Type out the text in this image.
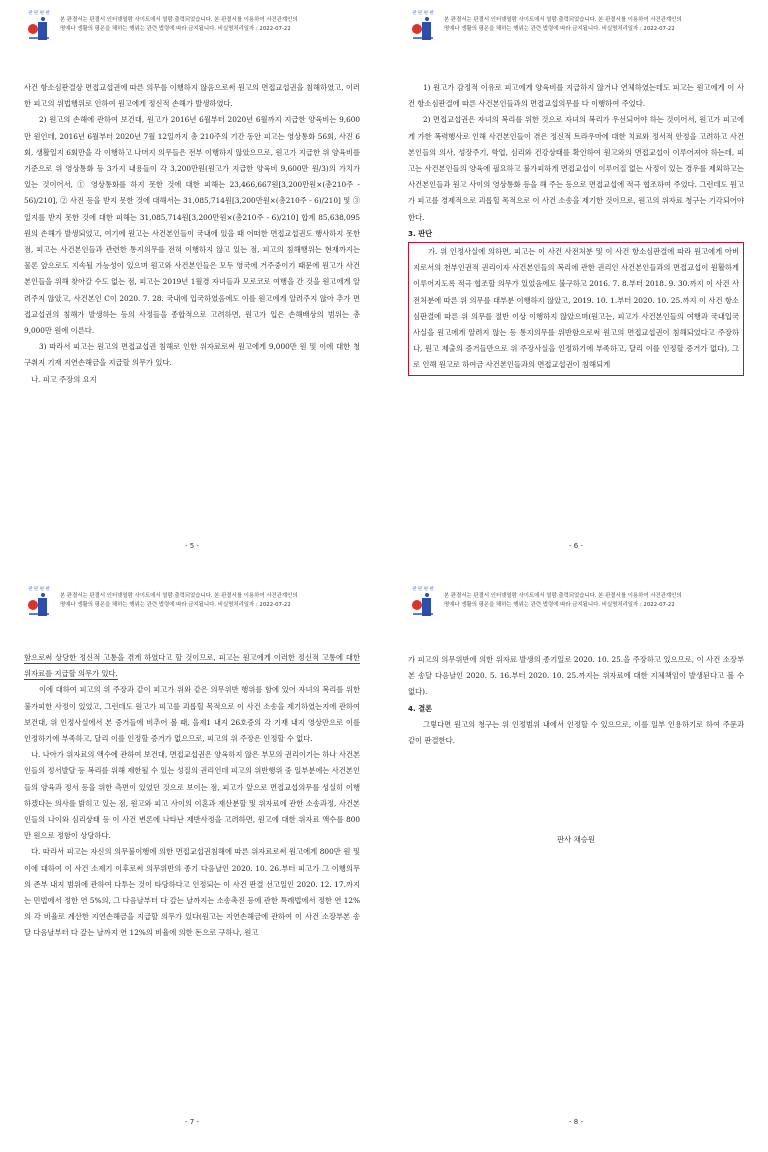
판 판 판 판
본 판결서는 판결서 인터넷열람 사이트에서 열람·출력되었습니다. 본 판결서를 이용하여 사건관계인의
명예나 생활의 평온을 해하는 행위는 관련 법령에 따라 금지됩니다. 비실명처리일자 : 2022-07-22

사건 항소심판결상 면접교섭권에 따른 의무를 이행하지 않음으로써 원고의 면접교섭권을 침해하였고, 이러한 피고의 위법행위로 인하여 원고에게 정신적 손해가 발생하였다.

2) 원고의 손해에 관하여 보건대, 원고가 2016년 6월부터 2020년 6월까지 지급한 양육비는 9,600만 원인데, 2016년 6월부터 2020년 7월 12일까지 총 210주의 기간 동안 피고는 영상통화 56회, 사진 6회, 생활일지 6회만을 각 이행하고 나머지 의무들은 전부 이행하지 않았으므로, 원고가 지급한 위 양육비를 기준으로 위 영상통화 등 3가지 내용들이 각 3,200만원(원고가 지급한 양육비 9,600만 원/3)의 가치가 있는 것이어서, ① 영상통화를 하지 못한 것에 대한 피해는 23,466,667원[3,200만원×(총210주 - 56)/210], ② 사진 등을 받지 못한 것에 대해서는 31,085,714원[3,200만원×(총210주 - 6)/210] 및 ③ 일지를 받지 못한 것에 대한 피해는 31,085,714원[3,200만원×(총210주 - 6)/210] 합계 85,638,095원의 손해가 발생되었고, 여기에 원고는 사건본인들이 국내에 있을 때 어떠한 면접교섭권도 행사하지 못한 점, 피고는 사건본인들과 관련한 통지의무를 전혀 이행하지 않고 있는 점, 피고의 침해행위는 현재까지는 물론 앞으로도 지속될 가능성이 있으며 원고와 사건본인들은 모두 영국에 거주중이기 때문에 원고가 사건본인들을 위해 찾아갈 수도 없는 점, 피고는 2019년 1월경 자녀들과 모로코로 여행을 간 것을 원고에게 알려주지 않았고, 사건본인 C이 2020. 7. 28. 국내에 입국하였음에도 이를 원고에게 알려주지 않아 추가 면접교섭권의 침해가 발생하는 등의 사정들을 종합적으로 고려하면, 원고가 입은 손해배상의 범위는 총 9,000만 원에 이른다.

3) 따라서 피고는 원고의 면접교섭권 침해로 인한 위자료로써 원고에게 9,000만 원 및 이에 대한 청구취지 기재 지연손해금을 지급할 의무가 있다.

나. 피고 주장의 요지

- 5 -
판 판 판 판
본 판결서는 판결서 인터넷열람 사이트에서 열람·출력되었습니다. 본 판결서를 이용하여 사건관계인의
명예나 생활의 평온을 해하는 행위는 관련 법령에 따라 금지됩니다. 비실명처리일자 : 2022-07-22

1) 원고가 감정적 이유로 피고에게 양육비를 지급하지 않거나 연체하였는데도 피고는 원고에게 이 사건 항소심판결에 따른 사건본인들과의 면접교섭의무를 다 이행하여 주었다.

2) 면접교섭권은 자녀의 복리를 위한 것으로 자녀의 복리가 우선되어야 하는 것이어서, 원고가 피고에게 가한 폭력행사로 인해 사건본인들이 겪은 정신적 트라우마에 대한 치료와 정서적 안정을 고려하고 사건본인들의 의사, 성장주기, 학업, 심리와 건강상태를 확인하여 원고와의 면접교섭이 이루어져야 하는데, 피고는 사건본인들의 양육에 필요하고 불가피하게 면접교섭이 이루어질 없는 사정이 있는 경우를 제외하고는 사건본인들과 원고 사이의 영상통화 등을 해 주는 등으로 면접교섭에 적극 협조하여 주었다. 그런데도 원고가 피고를 경제적으로 괴롭힐 목적으로 이 사건 소송을 제기한 것이므로, 원고의 위자료 청구는 기각되어야 한다.

3. 판단

가. 위 인정사실에 의하면, 피고는 이 사건 사전처분 및 이 사건 항소심판결에 따라 원고에게 아버지로서의 천부인권적 권리이자 사건본인들의 복리에 관한 권리인 사건본인들과의 면접교섭이 원활하게 이루어지도록 적극 협조할 의무가 있었음에도 불구하고 2016. 7. 8.부터 2018. 9. 30.까지 이 사건 사전처분에 따른 위 의무를 대부분 이행하지 않았고, 2019. 10. 1.부터 2020. 10. 25.까지 이 사건 항소심판결에 따른 위 의무를 절반 이상 이행하지 않았으며(원고는, 피고가 사건본인들의 여행과 국내입국 사실을 원고에게 알려지 않는 등 통지의무를 위반함으로써 원고의 면접교섭권이 침해되었다고 주장하나, 원고 제출의 증거들만으로 위 주장사실을 인정하기에 부족하고, 달리 이를 인정할 증거가 없다), 그로 인해 원고로 하여금 사건본인들과의 면접교섭권이 침해되게

- 6 -
판 판 판 판
본 판결서는 판결서 인터넷열람 사이트에서 열람·출력되었습니다. 본 판결서를 이용하여 사건관계인의
명예나 생활의 평온을 해하는 행위는 관련 법령에 따라 금지됩니다. 비실명처리일자 : 2022-07-22

함으로써 상당한 정신적 고통을 겪게 하였다고 할 것이므로, 피고는 원고에게 이러한 정신적 고통에 대한 위자료를 지급할 의무가 있다.

이에 대하여 피고의 위 주장과 같이 피고가 위와 같은 의무위반 행위를 함에 있어 자녀의 복리를 위한 불가피한 사정이 있었고, 그런데도 원고가 피고를 괴롭힐 목적으로 이 사건 소송을 제기하였는지에 관하여 보건대, 위 인정사실에서 본 증거들에 비추어 볼 때, 을제1 내지 26호증의 각 기재 내지 영상만으로 이를 인정하기에 부족하고, 달리 이를 인정할 증거가 없으므로, 피고의 위 주장은 인정할 수 없다.

나. 나아가 위자료의 액수에 관하여 보건대, 면접교섭권은 양육하지 않은 부모의 권리이기는 하나 사건본인들의 정서발달 등 복리를 위해 제한될 수 있는 성질의 권리인데 피고의 위반행위 중 일부분에는 사건본인들의 양육과 정서 등을 위한 측면이 있었던 것으로 보이는 점, 피고가 앞으로 면접교섭의무를 성실히 이행하겠다는 의사를 밝히고 있는 점, 원고와 피고 사이의 이혼과 재산분할 및 위자료에 관한 소송과정, 사건본인들의 나이와 심리상태 등 이 사건 변론에 나타난 제반사정을 고려하면, 원고에 대한 위자료 액수를 800만 원으로 정함이 상당하다.

다. 따라서 피고는 자신의 의무불이행에 의한 면접교섭권침해에 따른 위자료로써 원고에게 800만 원 및 이에 대하여 이 사건 소제기 이후로써 의무위반의 종기 다음날인 2020. 10. 26.부터 피고가 그 이행의무의 존부 내지 범위에 관하여 다투는 것이 타당하다고 인정되는 이 사건 판결 선고일인 2020. 12. 17.까지는 민법에서 정한 연 5%의, 그 다음날부터 다 갚는 날까지는 소송촉진 등에 관한 특례법에서 정한 연 12%의 각 비율로 계산한 지연손해금을 지급할 의무가 있다(원고는 지연손해금에 관하여 이 사건 소장부본 송달 다음날부터 다 갚는 날까지 연 12%의 비율에 의한 돈으로 구하나, 원고

- 7 -
판 판 판 판
본 판결서는 판결서 인터넷열람 사이트에서 열람·출력되었습니다. 본 판결서를 이용하여 사건관계인의
명예나 생활의 평온을 해하는 행위는 관련 법령에 따라 금지됩니다. 비실명처리일자 : 2022-07-22

가 피고의 의무위반에 의한 위자료 발생의 종기일로 2020. 10. 25.을 주장하고 있으므로, 이 사건 소장부본 송달 다음날인 2020. 5. 16.부터 2020. 10. 25.까지는 위자료에 대한 지체책임이 발생된다고 볼 수 없다).

4. 결론

그렇다면 원고의 청구는 위 인정범위 내에서 인정할 수 있으므로, 이를 일부 인용하기로 하여 주문과 같이 판결한다.

판사 채승원
- 8 -
